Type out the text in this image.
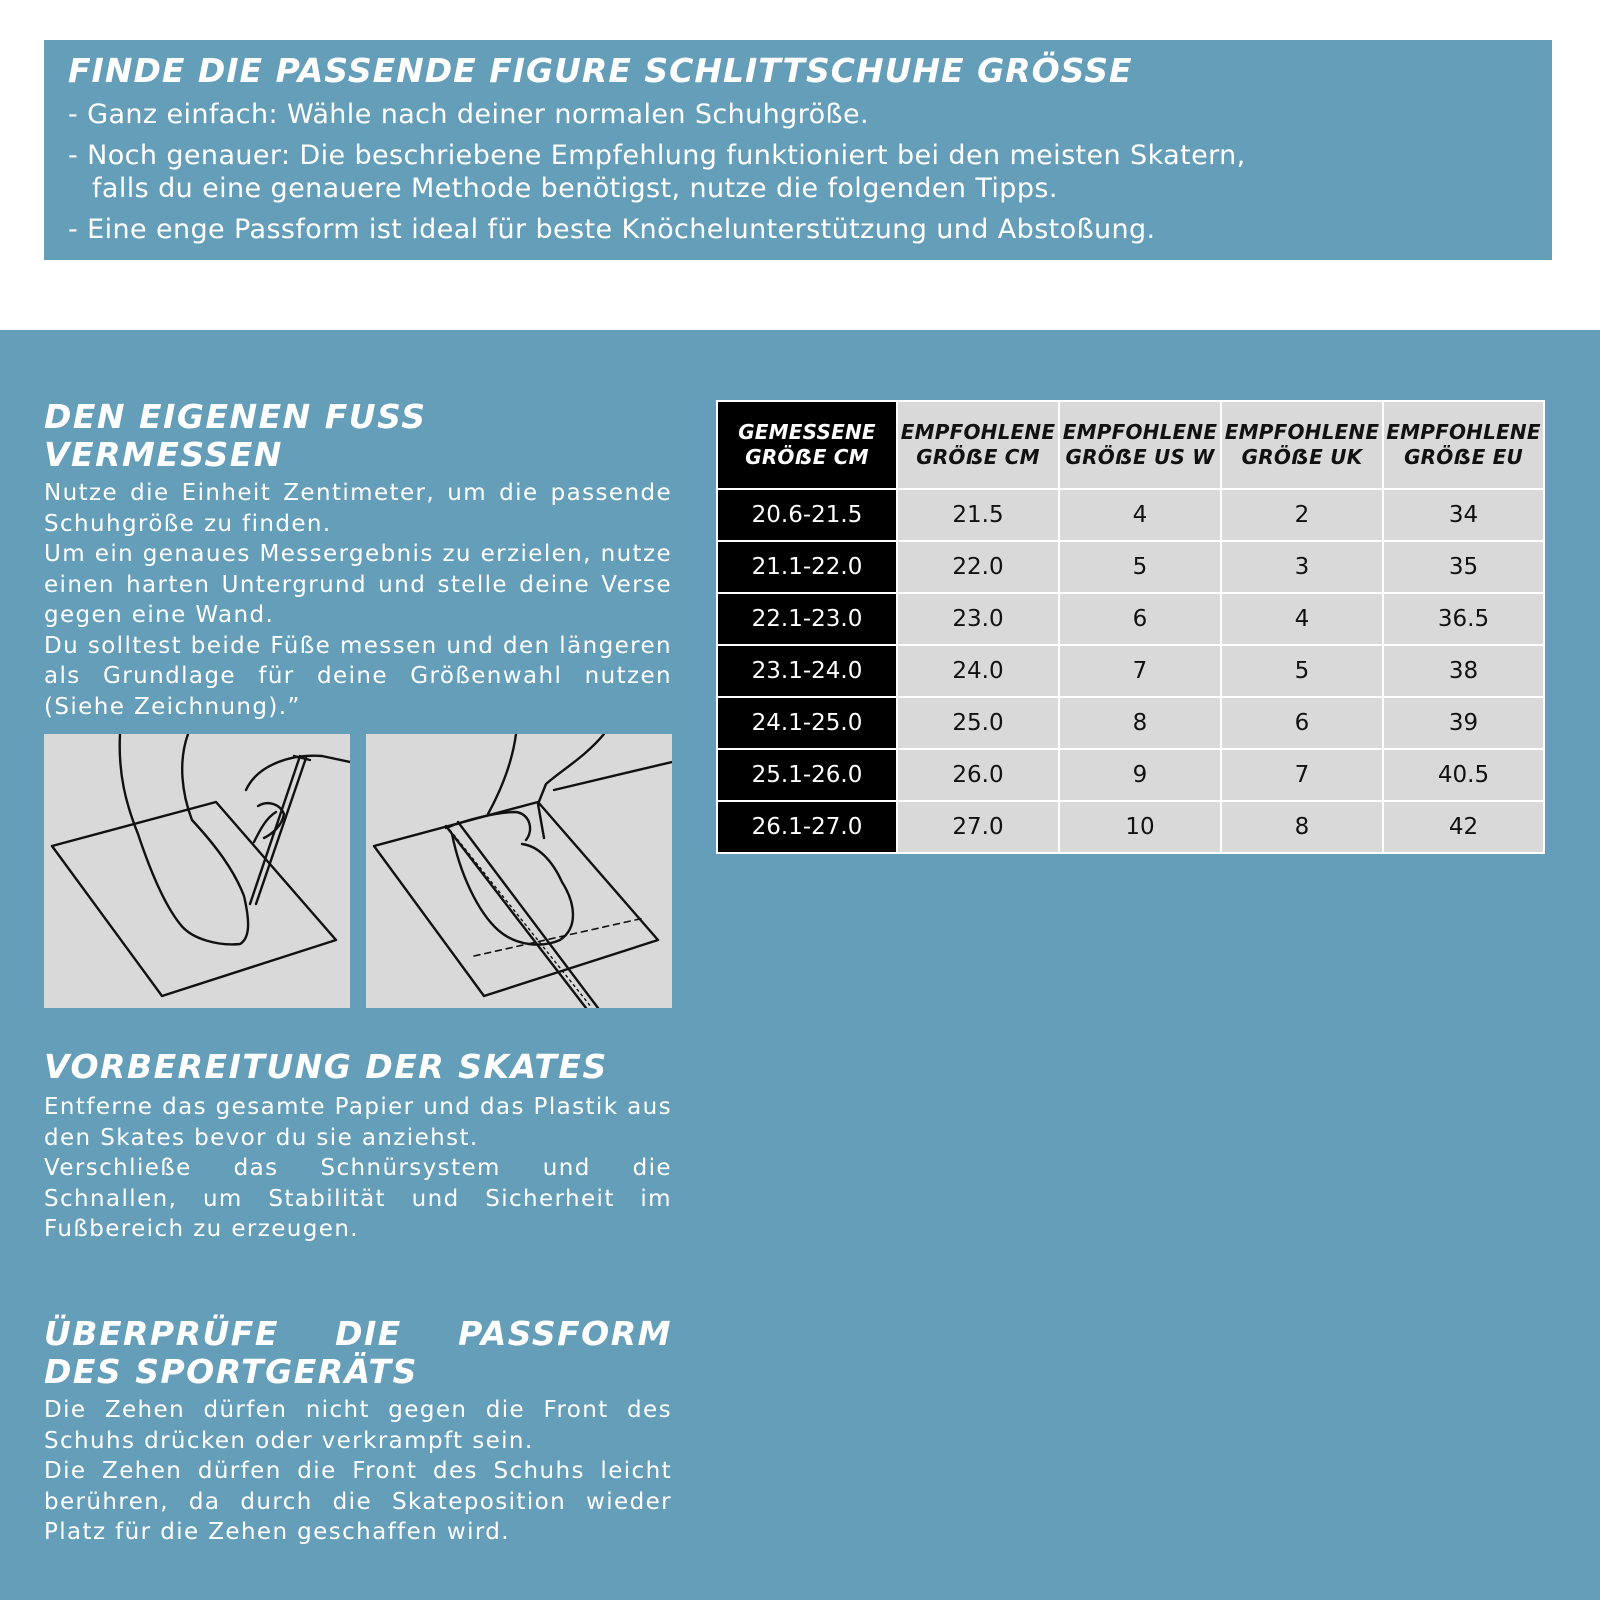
FINDE DIE PASSENDE FIGURE SCHLITTSCHUHE GRÖSSE
- Ganz einfach: Wähle nach deiner normalen Schuhgröße.
- Noch genauer: Die beschriebene Empfehlung funktioniert bei den meisten Skatern, falls du eine genauere Methode benötigst, nutze die folgenden Tipps.
- Eine enge Passform ist ideal für beste Knöchelunterstützung und Abstoßung.
DEN EIGENEN FUSS VERMESSEN

Nutze die Einheit Zentimeter, um die passende Schuhgröße zu finden.

Um ein genaues Messergebnis zu erzielen, nutze einen harten Untergrund und stelle deine Verse gegen eine Wand.

Du solltest beide Füße messen und den längeren als Grundlage für deine Größenwahl nutzen (Siehe Zeichnung).”

VORBEREITUNG DER SKATES

Entferne das gesamte Papier und das Plastik aus den Skates bevor du sie anziehst.

Verschließe das Schnürsystem und die Schnallen, um Stabilität und Sicherheit im Fußbereich zu erzeugen.

ÜBERPRÜFE DIE PASSFORM DES SPORTGERÄTS

Die Zehen dürfen nicht gegen die Front des Schuhs drücken oder verkrampft sein.

Die Zehen dürfen die Front des Schuhs leicht berühren, da durch die Skateposition wieder Platz für die Zehen geschaffen wird.

GEMESSENE GRÖẞE CM	EMPFOHLENE GRÖẞE CM	EMPFOHLENE GRÖẞE US W	EMPFOHLENE GRÖẞE UK	EMPFOHLENE GRÖẞE EU
20.6-21.5	21.5	4	2	34
21.1-22.0	22.0	5	3	35
22.1-23.0	23.0	6	4	36.5
23.1-24.0	24.0	7	5	38
24.1-25.0	25.0	8	6	39
25.1-26.0	26.0	9	7	40.5
26.1-27.0	27.0	10	8	42
